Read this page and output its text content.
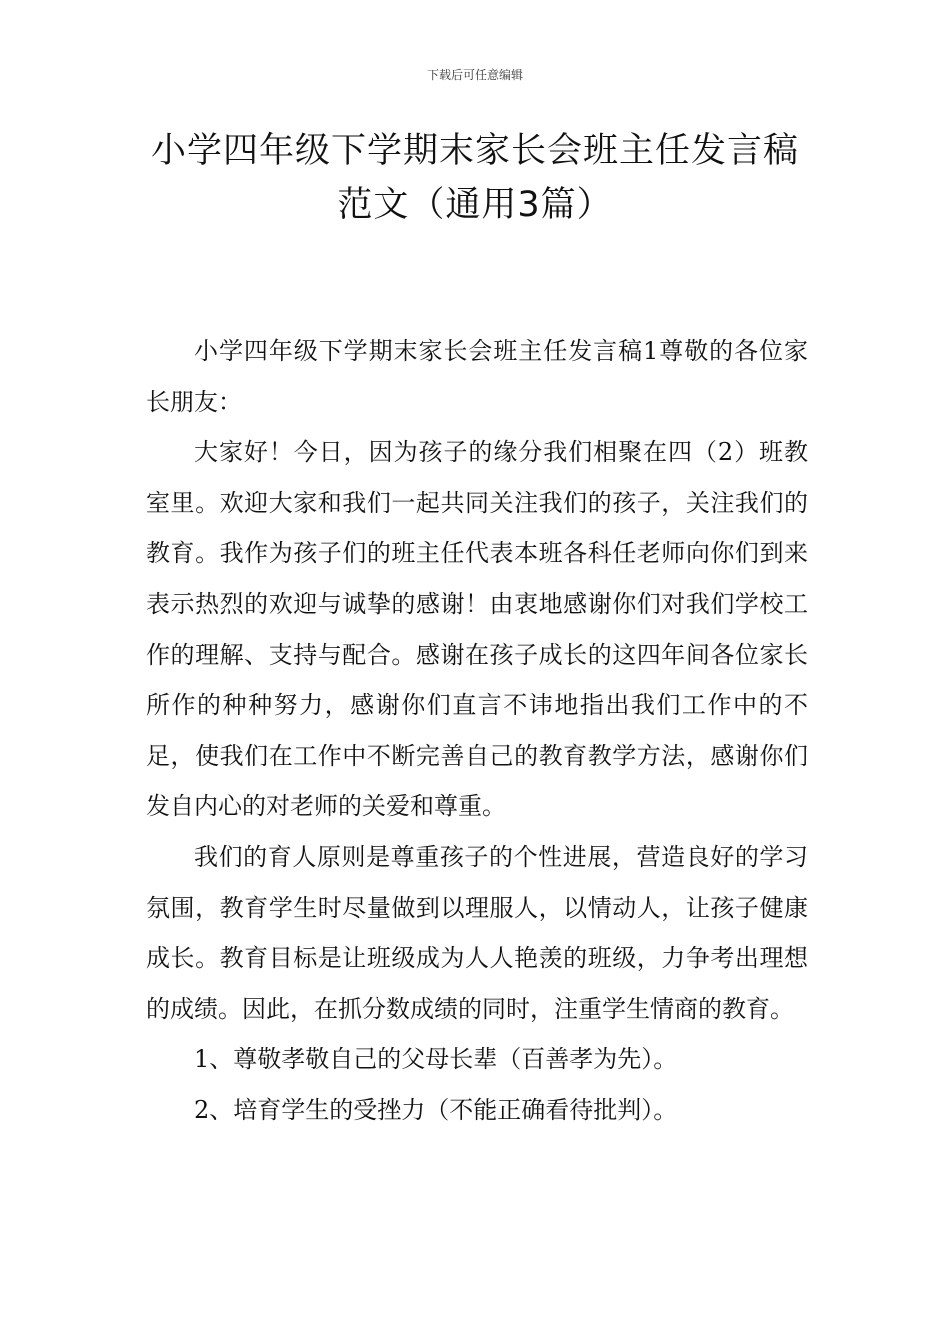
下载后可任意编辑
小学四年级下学期末家长会班主任发言稿
范文（通用3篇）

小学四年级下学期末家长会班主任发言稿1尊敬的各位家长朋友：

大家好！今日，因为孩子的缘分我们相聚在四（2）班教室里。欢迎大家和我们一起共同关注我们的孩子，关注我们的教育。我作为孩子们的班主任代表本班各科任老师向你们到来表示热烈的欢迎与诚挚的感谢！由衷地感谢你们对我们学校工作的理解、支持与配合。感谢在孩子成长的这四年间各位家长所作的种种努力，感谢你们直言不讳地指出我们工作中的不足，使我们在工作中不断完善自己的教育教学方法，感谢你们发自内心的对老师的关爱和尊重。

我们的育人原则是尊重孩子的个性进展，营造良好的学习氛围，教育学生时尽量做到以理服人，以情动人，让孩子健康成长。教育目标是让班级成为人人艳羡的班级，力争考出理想的成绩。因此，在抓分数成绩的同时，注重学生情商的教育。

1、尊敬孝敬自己的父母长辈（百善孝为先）。

2、培育学生的受挫力（不能正确看待批判）。
